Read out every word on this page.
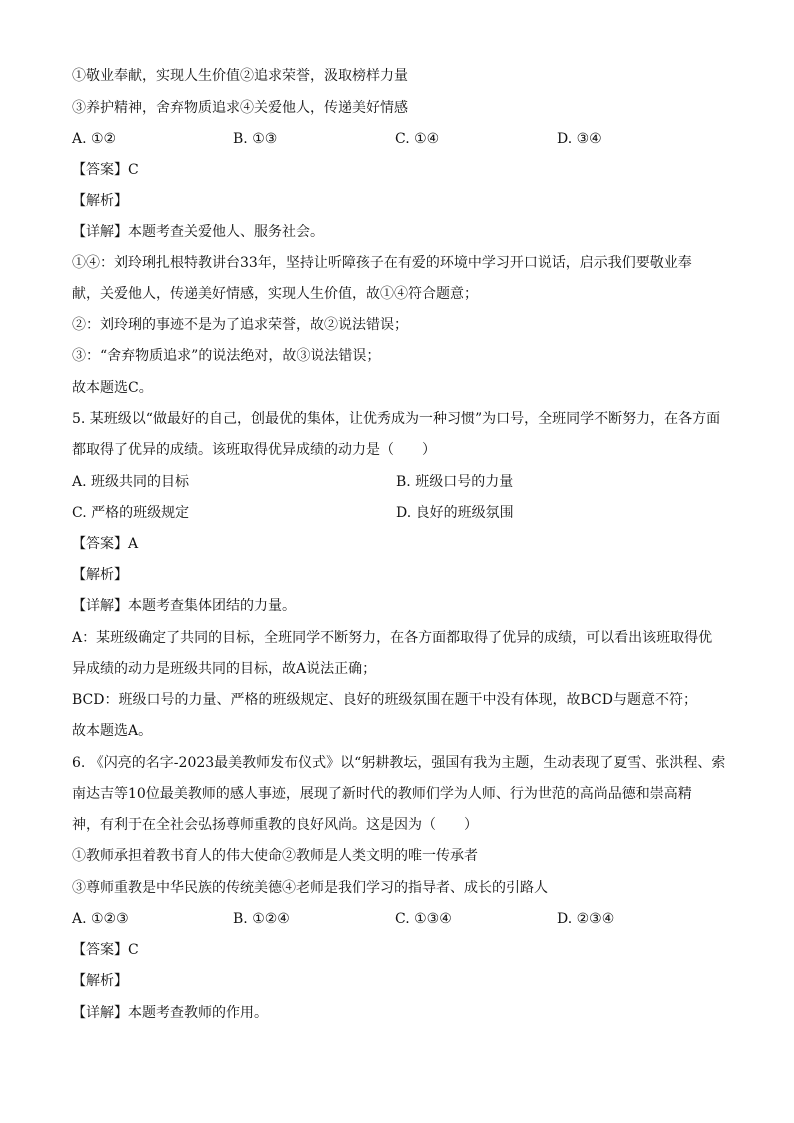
①敬业奉献，实现人生价值②追求荣誉，汲取榜样力量
③养护精神，舍弃物质追求④关爱他人，传递美好情感
A. ①②	B. ①③	C. ①④	D. ③④
【答案】C
【解析】
【详解】本题考查关爱他人、服务社会。
①④：刘玲琍扎根特教讲台33年，坚持让听障孩子在有爱的环境中学习开口说话，启示我们要敬业奉
献，关爱他人，传递美好情感，实现人生价值，故①④符合题意；
②：刘玲琍的事迹不是为了追求荣誉，故②说法错误；
③：“舍弃物质追求”的说法绝对，故③说法错误；
故本题选C。
5. 某班级以“做最好的自己，创最优的集体，让优秀成为一种习惯”为口号，全班同学不断努力，在各方面
都取得了优异的成绩。该班取得优异成绩的动力是（　　）
A. 班级共同的目标	B. 班级口号的力量
C. 严格的班级规定	D. 良好的班级氛围
【答案】A
【解析】
【详解】本题考查集体团结的力量。
A：某班级确定了共同的目标，全班同学不断努力，在各方面都取得了优异的成绩，可以看出该班取得优
异成绩的动力是班级共同的目标，故A说法正确；
BCD：班级口号的力量、严格的班级规定、良好的班级氛围在题干中没有体现，故BCD与题意不符；
故本题选A。
6. 《闪亮的名字-2023最美教师发布仪式》以“躬耕教坛，强国有我为主题，生动表现了夏雪、张洪程、索
南达吉等10位最美教师的感人事迹，展现了新时代的教师们学为人师、行为世范的高尚品德和崇高精
神，有利于在全社会弘扬尊师重教的良好风尚。这是因为（　　）
①教师承担着教书育人的伟大使命②教师是人类文明的唯一传承者
③尊师重教是中华民族的传统美德④老师是我们学习的指导者、成长的引路人
A. ①②③	B. ①②④	C. ①③④	D. ②③④
【答案】C
【解析】
【详解】本题考查教师的作用。
